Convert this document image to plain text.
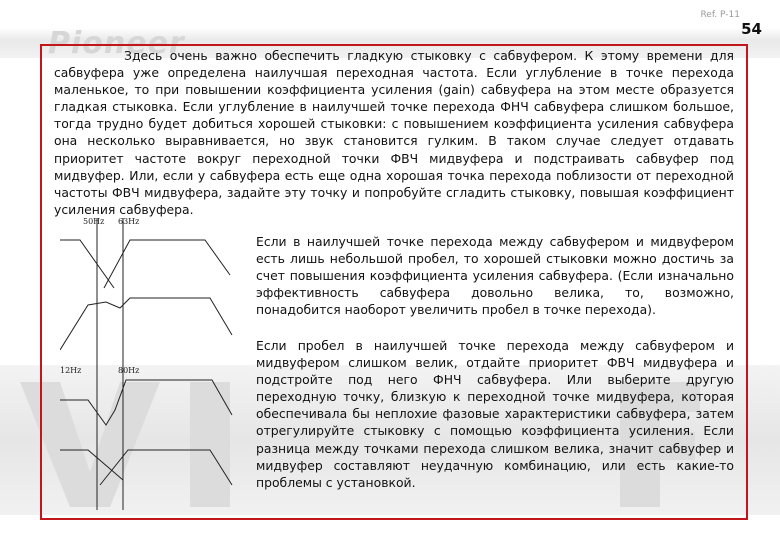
Pioneer
Ref. P-11
54

Здесь очень важно обеспечить гладкую стыковку с сабвуфером. К этому времени для сабвуфера уже определена наилучшая переходная частота. Если углубление в точке перехода маленькое, то при повышении коэффициента усиления (gain) сабвуфера на этом месте образуется гладкая стыковка. Если углубление в наилучшей точке перехода ФНЧ сабвуфера слишком большое, тогда трудно будет добиться хорошей стыковки: с повышением коэффициента усиления сабвуфера она несколько выравнивается, но звук становится гулким. В таком случае следует отдавать приоритет частоте вокруг переходной точки ФВЧ мидвуфера и подстраивать сабвуфер под мидвуфер. Или, если у сабвуфера есть еще одна хорошая точка перехода поблизости от переходной частоты ФВЧ мидвуфера, задайте эту точку и попробуйте сгладить стыковку, повышая коэффициент усиления сабвуфера.

50Hz 63Hz
12Hz	80Hz

Если в наилучшей точке перехода между сабвуфером и мидвуфером есть лишь небольшой пробел, то хорошей стыковки можно достичь за счет повышения коэффициента усиления сабвуфера. (Если изначально эффективность сабвуфера довольно велика, то, возможно, понадобится наоборот увеличить пробел в точке перехода).

Если пробел в наилучшей точке перехода между сабвуфером и мидвуфером слишком велик, отдайте приоритет ФВЧ мидвуфера и подстройте под него ФНЧ сабвуфера. Или выберите другую переходную точку, близкую к переходной точке мидвуфера, которая обеспечивала бы неплохие фазовые характеристики сабвуфера, затем отрегулируйте стыковку с помощью коэффициента усиления. Если разница между точками перехода слишком велика, значит сабвуфер и мидвуфер составляют неудачную комбинацию, или есть какие-то проблемы с установкой.
